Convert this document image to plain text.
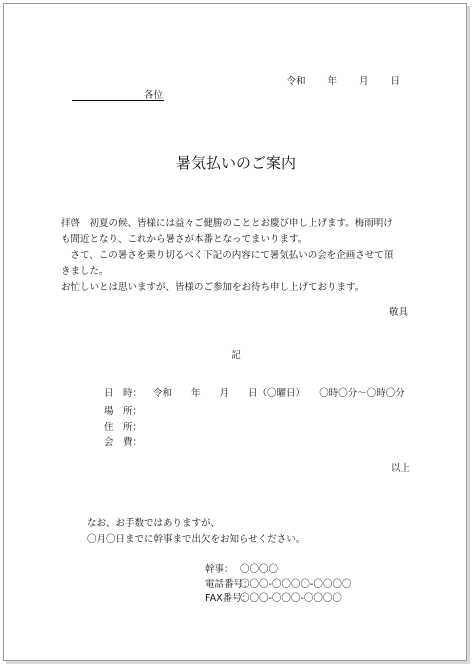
令和 年 月 日
各位
暑気払いのご案内
拝啓　初夏の候、皆様には益々ご健勝のこととお慶び申し上げます。梅雨明け
も間近となり、これから暑さが本番となってまいります。
　さて、この暑さを乗り切るべく下記の内容にて暑気払いの会を企画させて頂
きました。
お忙しいとは思いますが、皆様のご参加をお待ち申し上げております。
敬具
記
日　時： 令和　　年　　月　　日（〇曜日）　　〇時〇分～〇時〇分
場　所：
住　所：
会　費：
以上
なお、お手数ではありますが、
〇月〇日までに幹事まで出欠をお知らせください。
幹事： 〇〇〇〇
電話番号：
〇〇〇-〇〇〇〇-〇〇〇〇
FAX番号：
〇〇〇-〇〇〇-〇〇〇〇
